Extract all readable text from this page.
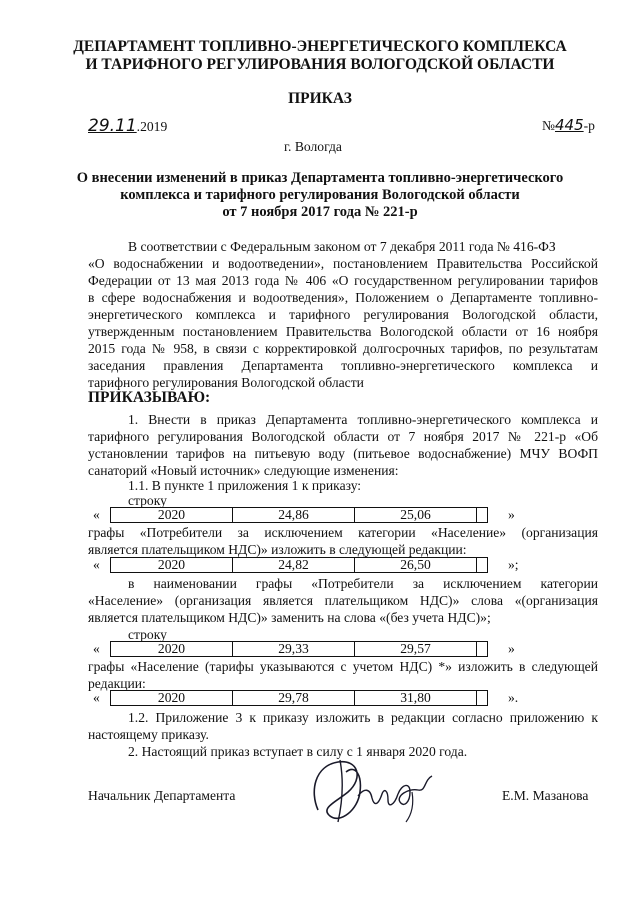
ДЕПАРТАМЕНТ ТОПЛИВНО-ЭНЕРГЕТИЧЕСКОГО КОМПЛЕКСА
И ТАРИФНОГО РЕГУЛИРОВАНИЯ ВОЛОГОДСКОЙ ОБЛАСТИ
ПРИКАЗ
29.11.2019	№445-р
г. Вологда
О внесении изменений в приказ Департамента топливно-энергетического
комплекса и тарифного регулирования Вологодской области
от 7 ноября 2017 года № 221-р
В соответствии с Федеральным законом от 7 декабря 2011 года № 416-ФЗ
«О водоснабжении и водоотведении», постановлением Правительства Российской
Федерации от 13 мая 2013 года № 406 «О государственном регулировании тарифов
в сфере водоснабжения и водоотведения», Положением о Департаменте топливно-
энергетического комплекса и тарифного регулирования Вологодской области,
утвержденным постановлением Правительства Вологодской области от 16 ноября
2015 года № 958, в связи с корректировкой долгосрочных тарифов, по результатам
заседания правления Департамента топливно-энергетического комплекса и
тарифного регулирования Вологодской области
ПРИКАЗЫВАЮ:
1. Внести в приказ Департамента топливно-энергетического комплекса и
тарифного регулирования Вологодской области от 7 ноября 2017 № 221-р «Об
установлении тарифов на питьевую воду (питьевое водоснабжение) МЧУ ВОФП
санаторий «Новый источник» следующие изменения:
1.1. В пункте 1 приложения 1 к приказу:
строку
«	2020	24,86	25,06		»
графы «Потребители за исключением категории «Население» (организация
является плательщиком НДС)» изложить в следующей редакции:
«	2020	24,82	26,50		»;
в наименовании графы «Потребители за исключением категории
«Население» (организация является плательщиком НДС)» слова «(организация
является плательщиком НДС)» заменить на слова «(без учета НДС)»;
строку
«	2020	29,33	29,57		»
графы «Население (тарифы указываются с учетом НДС) *» изложить в следующей
редакции:
«	2020	29,78	31,80		».
1.2. Приложение 3 к приказу изложить в редакции согласно приложению к
настоящему приказу.
2. Настоящий приказ вступает в силу с 1 января 2020 года.
Начальник Департамента	Е.М. Мазанова
